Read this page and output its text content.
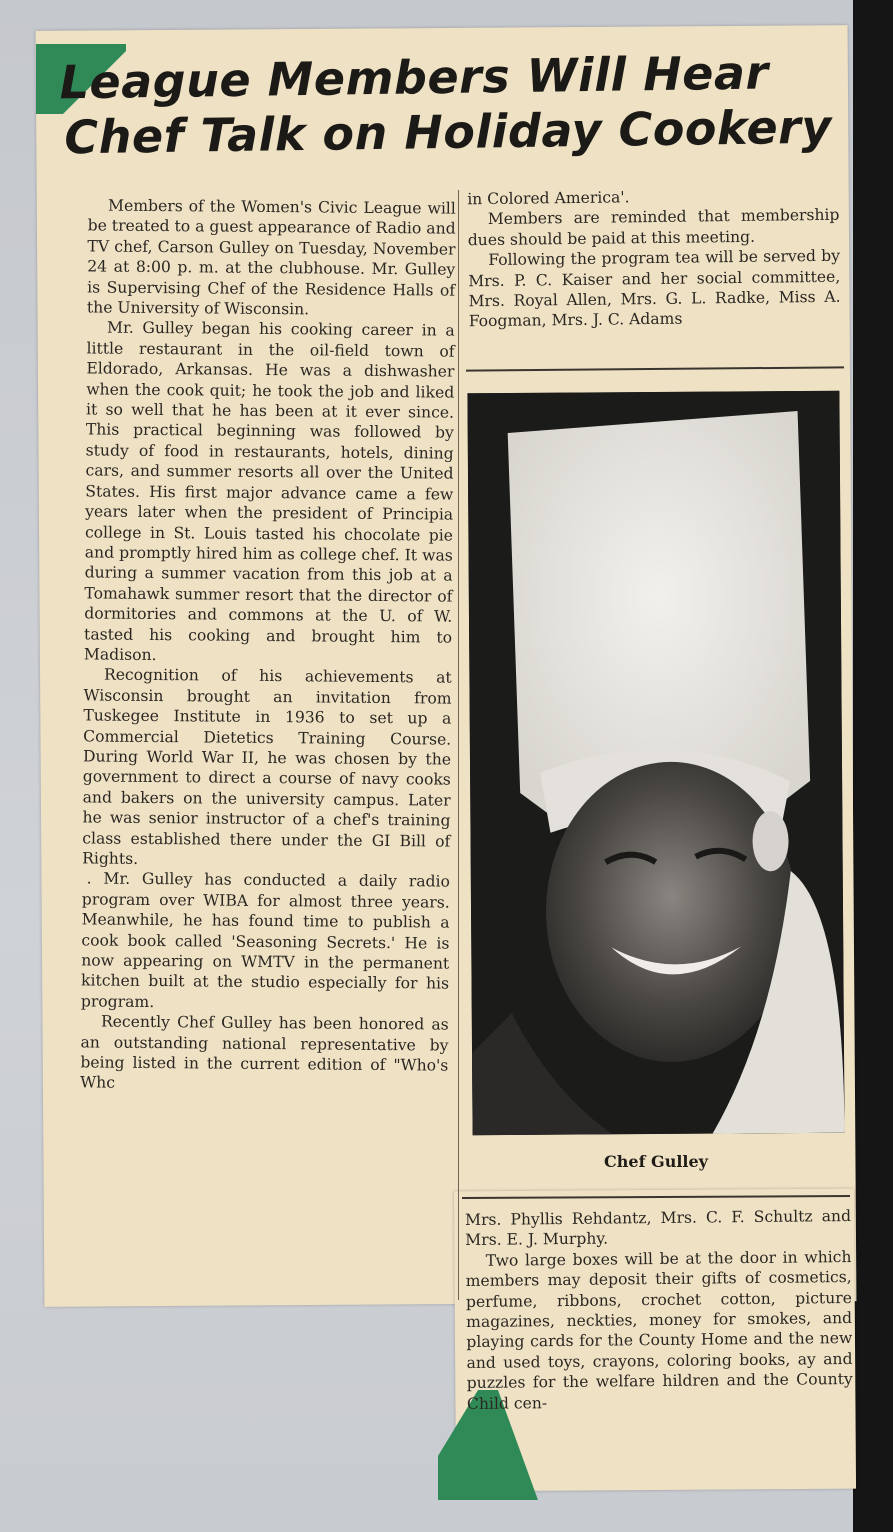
League Members Will Hear
Chef Talk on Holiday Cookery

Members of the Women's Civic League will be treated to a guest appearance of Radio and TV chef, Carson Gulley on Tuesday, November 24 at 8:00 p. m. at the clubhouse. Mr. Gulley is Supervising Chef of the Residence Halls of the University of Wisconsin.

Mr. Gulley began his cooking career in a little restaurant in the oil-field town of Eldorado, Arkansas. He was a dishwasher when the cook quit; he took the job and liked it so well that he has been at it ever since. This practical beginning was followed by study of food in restaurants, hotels, dining cars, and summer resorts all over the United States. His first major advance came a few years later when the president of Principia college in St. Louis tasted his chocolate pie and promptly hired him as college chef. It was during a summer vacation from this job at a Tomahawk summer resort that the director of dormitories and commons at the U. of W. tasted his cooking and brought him to Madison.

Recognition of his achievements at Wisconsin brought an invitation from Tuskegee Institute in 1936 to set up a Commercial Dietetics Training Course. During World War II, he was chosen by the government to direct a course of navy cooks and bakers on the university campus. Later he was senior instructor of a chef's training class established there under the GI Bill of Rights.

. Mr. Gulley has conducted a daily radio program over WIBA for almost three years. Meanwhile, he has found time to publish a cook book called 'Seasoning Secrets.' He is now appearing on WMTV in the permanent kitchen built at the studio especially for his program.

Recently Chef Gulley has been honored as an outstanding national representative by being listed in the current edition of "Who's Whc

in Colored America'.

Members are reminded that membership dues should be paid at this meeting.

Following the program tea will be served by Mrs. P. C. Kaiser and her social committee, Mrs. Royal Allen, Mrs. G. L. Radke, Miss A. Foogman, Mrs. J. C. Adams

Chef Gulley

Mrs. Phyllis Rehdantz, Mrs. C. F. Schultz and Mrs. E. J. Murphy.

Two large boxes will be at the door in which members may deposit their gifts of cosmetics, perfume, ribbons, crochet cotton, picture magazines, neckties, money for smokes, and playing cards for the County Home and the new and used toys, crayons, coloring books, ay and puzzles for the welfare hildren and the County Child cen-
